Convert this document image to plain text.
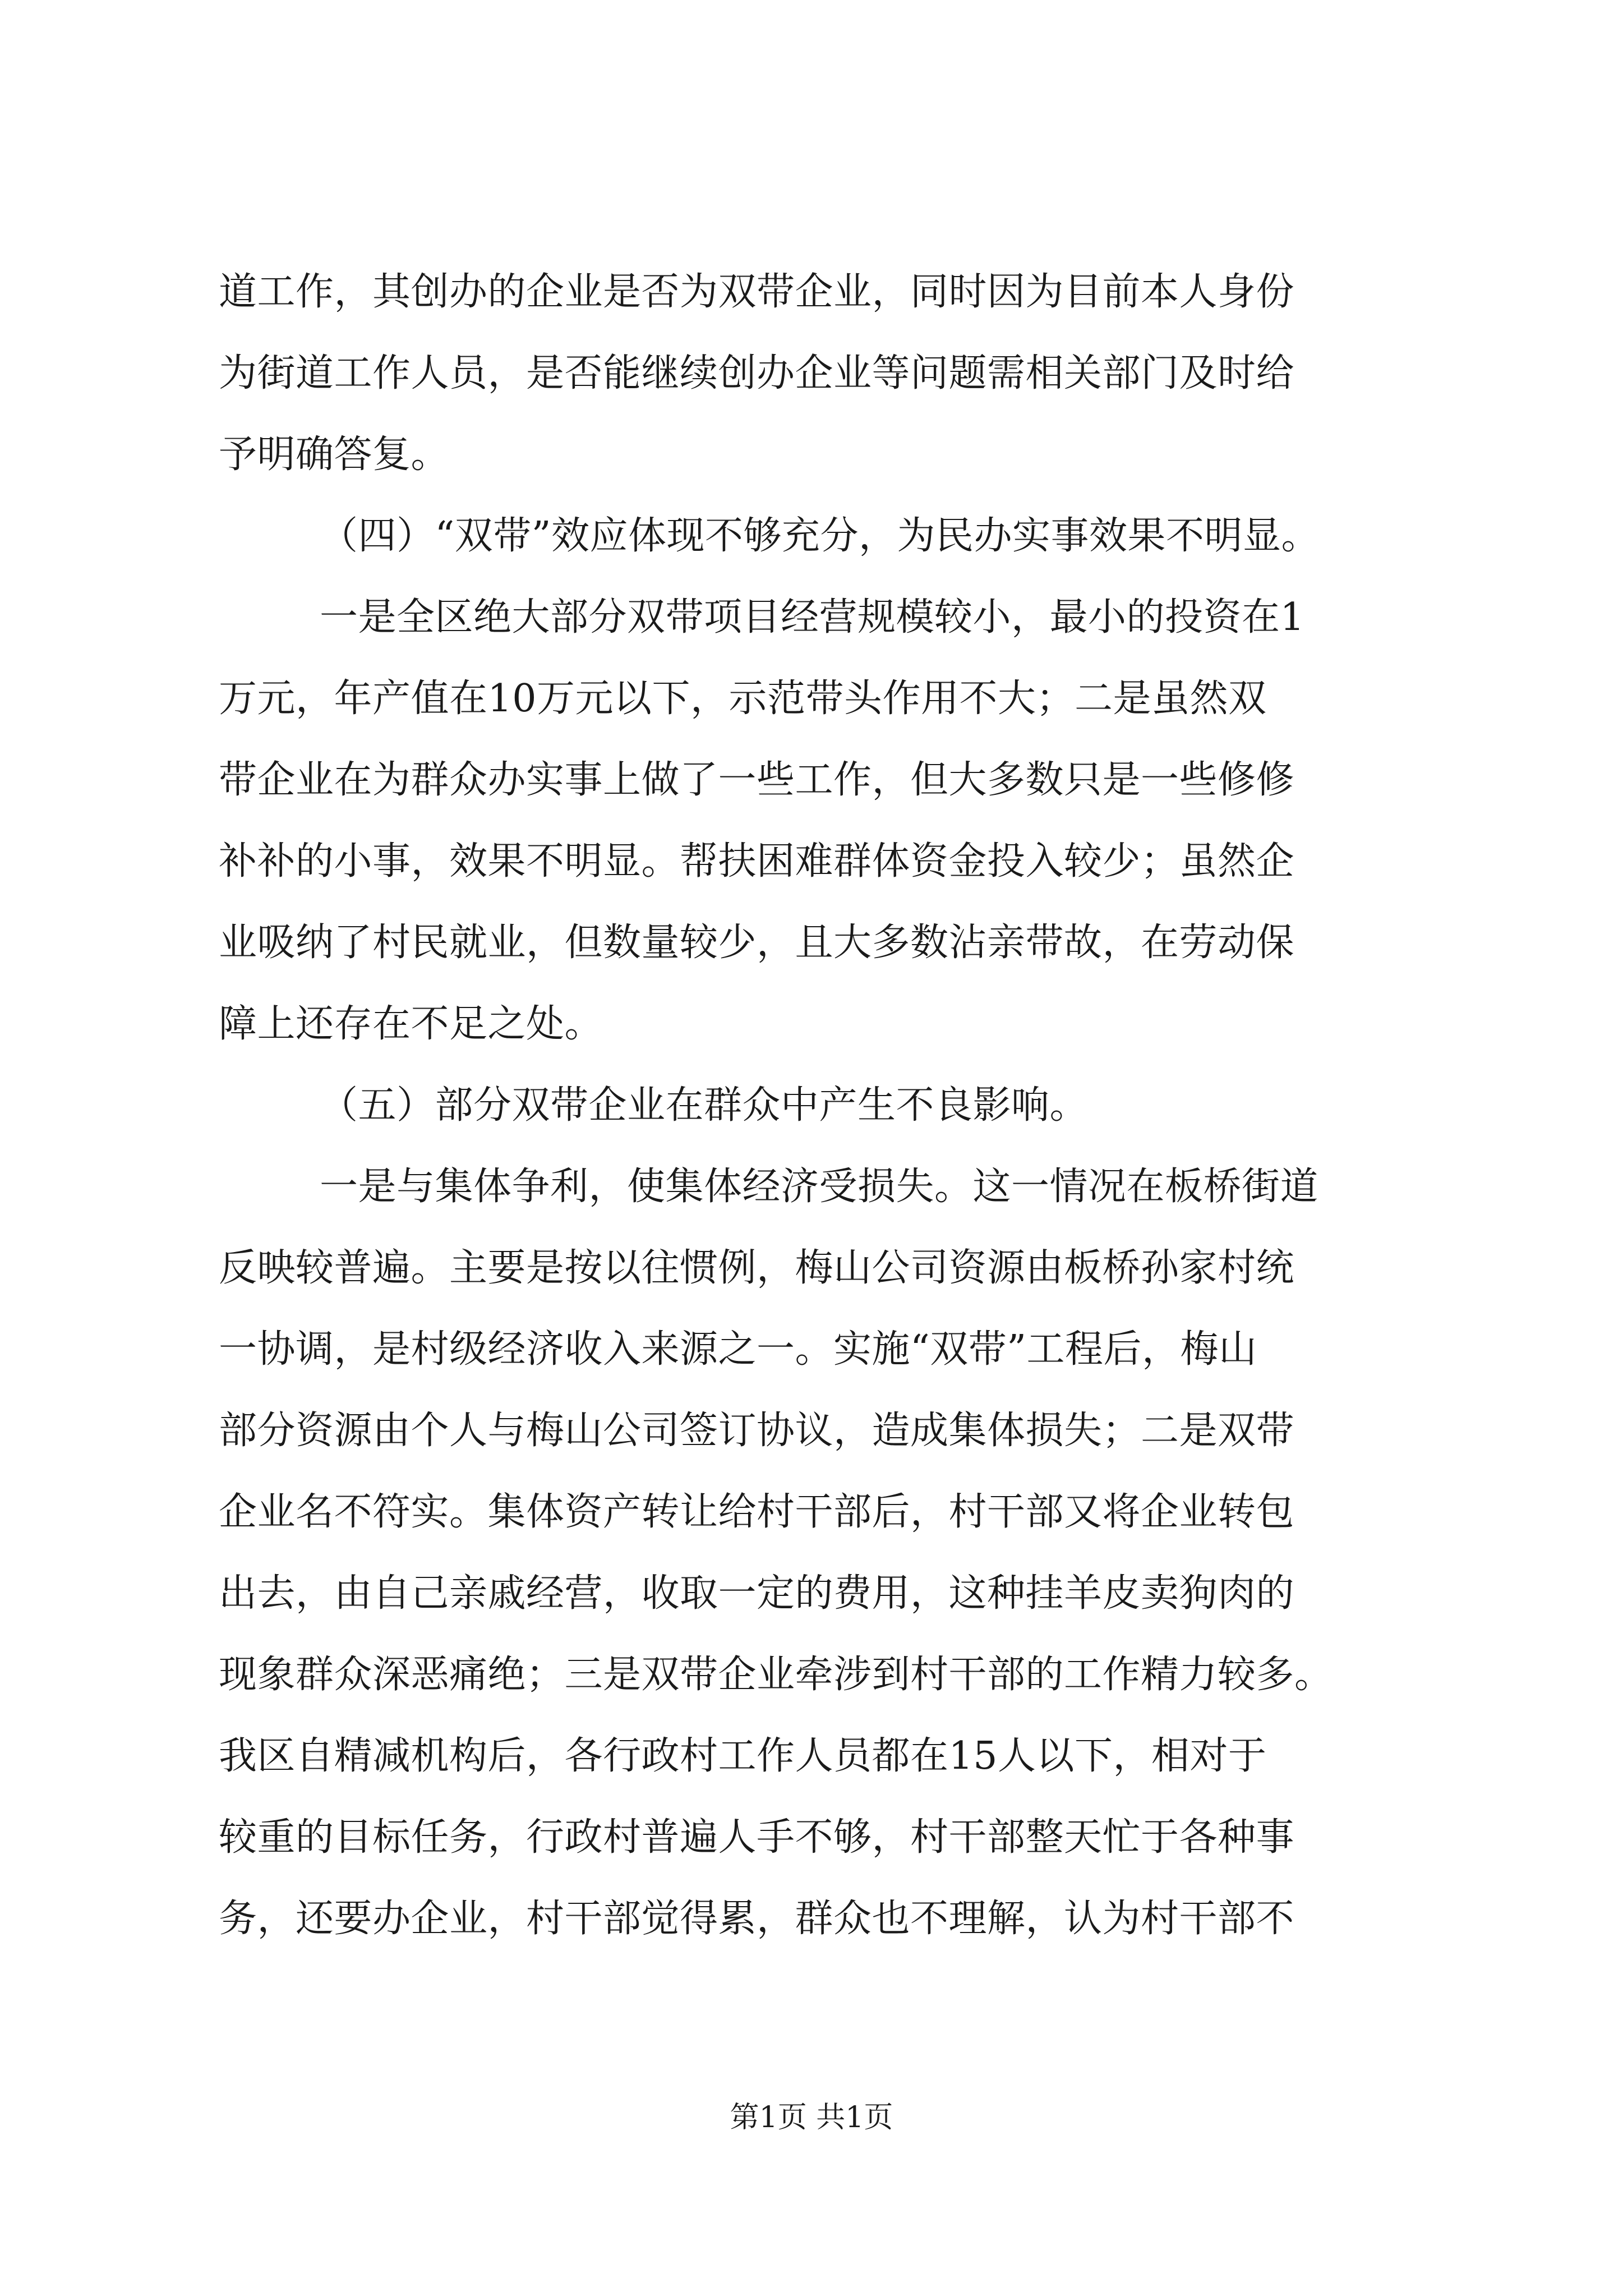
道工作，其创办的企业是否为双带企业，同时因为目前本人身份
为街道工作人员，是否能继续创办企业等问题需相关部门及时给
予明确答复。
（四）“双带”效应体现不够充分，为民办实事效果不明显。
一是全区绝大部分双带项目经营规模较小，最小的投资在1
万元，年产值在10万元以下，示范带头作用不大；二是虽然双
带企业在为群众办实事上做了一些工作，但大多数只是一些修修
补补的小事，效果不明显。帮扶困难群体资金投入较少；虽然企
业吸纳了村民就业，但数量较少，且大多数沾亲带故，在劳动保
障上还存在不足之处。
（五）部分双带企业在群众中产生不良影响。
一是与集体争利，使集体经济受损失。这一情况在板桥街道
反映较普遍。主要是按以往惯例，梅山公司资源由板桥孙家村统
一协调，是村级经济收入来源之一。实施“双带”工程后，梅山
部分资源由个人与梅山公司签订协议，造成集体损失；二是双带
企业名不符实。集体资产转让给村干部后，村干部又将企业转包
出去，由自己亲戚经营，收取一定的费用，这种挂羊皮卖狗肉的
现象群众深恶痛绝；三是双带企业牵涉到村干部的工作精力较多。
我区自精减机构后，各行政村工作人员都在15人以下，相对于
较重的目标任务，行政村普遍人手不够，村干部整天忙于各种事
务，还要办企业，村干部觉得累，群众也不理解，认为村干部不
第1页 共1页
